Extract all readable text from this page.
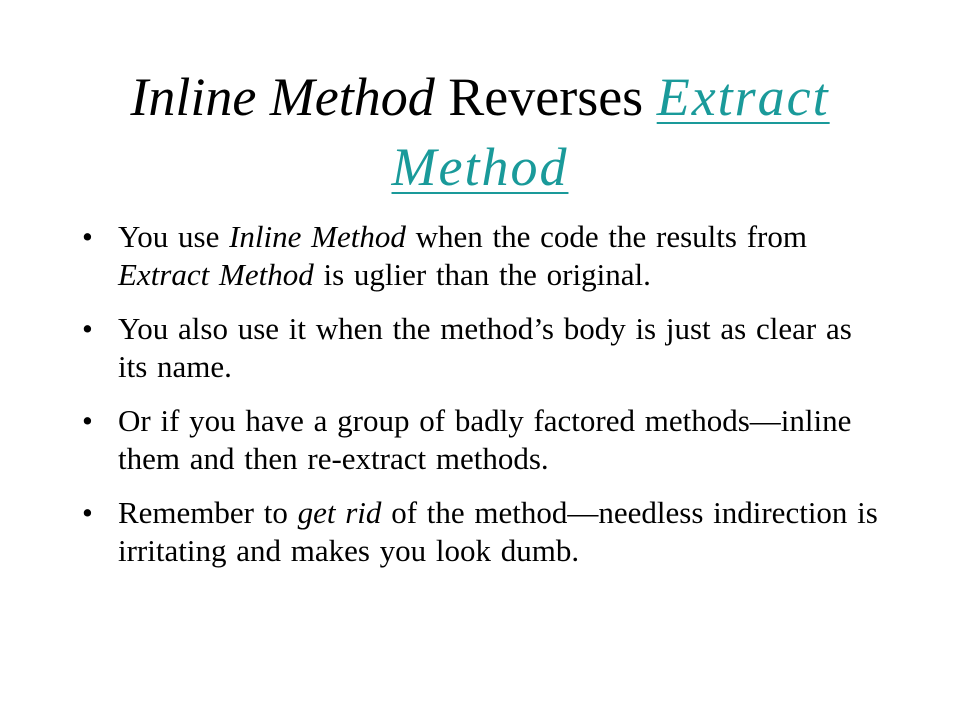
Inline Method Reverses Extract Method
• You use Inline Method when the code the results from Extract Method is uglier than the original.
• You also use it when the method’s body is just as clear as its name.
• Or if you have a group of badly factored methods—inline them and then re-extract methods.
• Remember to get rid of the method—needless indirection is irritating and makes you look dumb.
